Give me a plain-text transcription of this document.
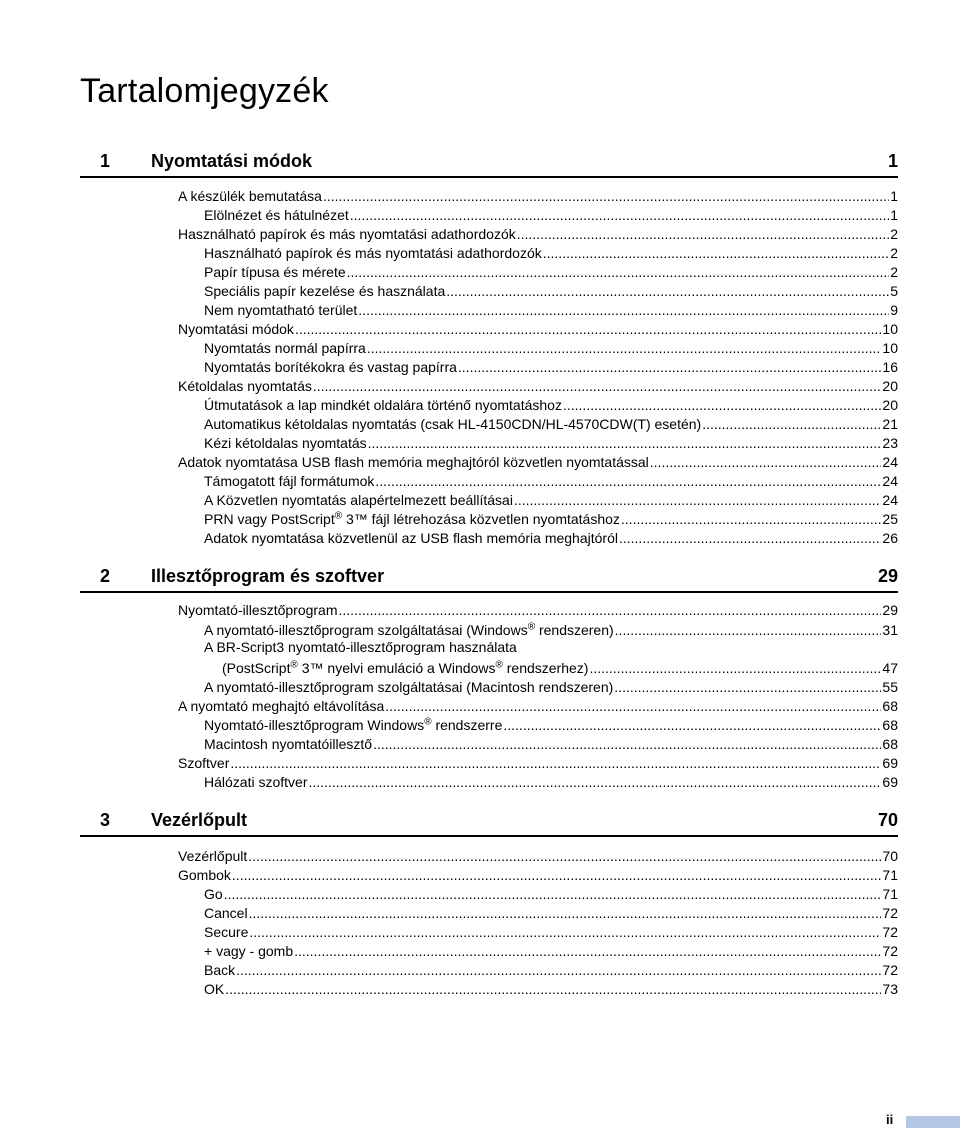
Tartalomjegyzék
1	Nyomtatási módok	1
A készülék bemutatása .....	1
Elölnézet és hátulnézet .....	1
Használható papírok és más nyomtatási adathordozók .....	2
Használható papírok és más nyomtatási adathordozók .....	2
Papír típusa és mérete .....	2
Speciális papír kezelése és használata .....	5
Nem nyomtatható terület .....	9
Nyomtatási módok .....	10
Nyomtatás normál papírra .....	10
Nyomtatás borítékokra és vastag papírra .....	16
Kétoldalas nyomtatás .....	20
Útmutatások a lap mindkét oldalára történő nyomtatáshoz .....	20
Automatikus kétoldalas nyomtatás (csak HL-4150CDN/HL-4570CDW(T) esetén) .....	21
Kézi kétoldalas nyomtatás .....	23
Adatok nyomtatása USB flash memória meghajtóról közvetlen nyomtatással .....	24
Támogatott fájl formátumok .....	24
A Közvetlen nyomtatás alapértelmezett beállításai .....	24
PRN vagy PostScript® 3™ fájl létrehozása közvetlen nyomtatáshoz .....	25
Adatok nyomtatása közvetlenül az USB flash memória meghajtóról .....	26
2	Illesztőprogram és szoftver	29
Nyomtató-illesztőprogram .....	29
A nyomtató-illesztőprogram szolgáltatásai (Windows® rendszeren) .....	31
A BR-Script3 nyomtató-illesztőprogram használata
(PostScript® 3™ nyelvi emuláció a Windows® rendszerhez) .....	47
A nyomtató-illesztőprogram szolgáltatásai (Macintosh rendszeren) .....	55
A nyomtató meghajtó eltávolítása .....	68
Nyomtató-illesztőprogram Windows® rendszerre .....	68
Macintosh nyomtatóillesztő .....	68
Szoftver .....	69
Hálózati szoftver .....	69
3	Vezérlőpult	70
Vezérlőpult .....	70
Gombok .....	71
Go .....	71
Cancel .....	72
Secure .....	72
+ vagy - gomb .....	72
Back .....	72
OK .....	73
ii
